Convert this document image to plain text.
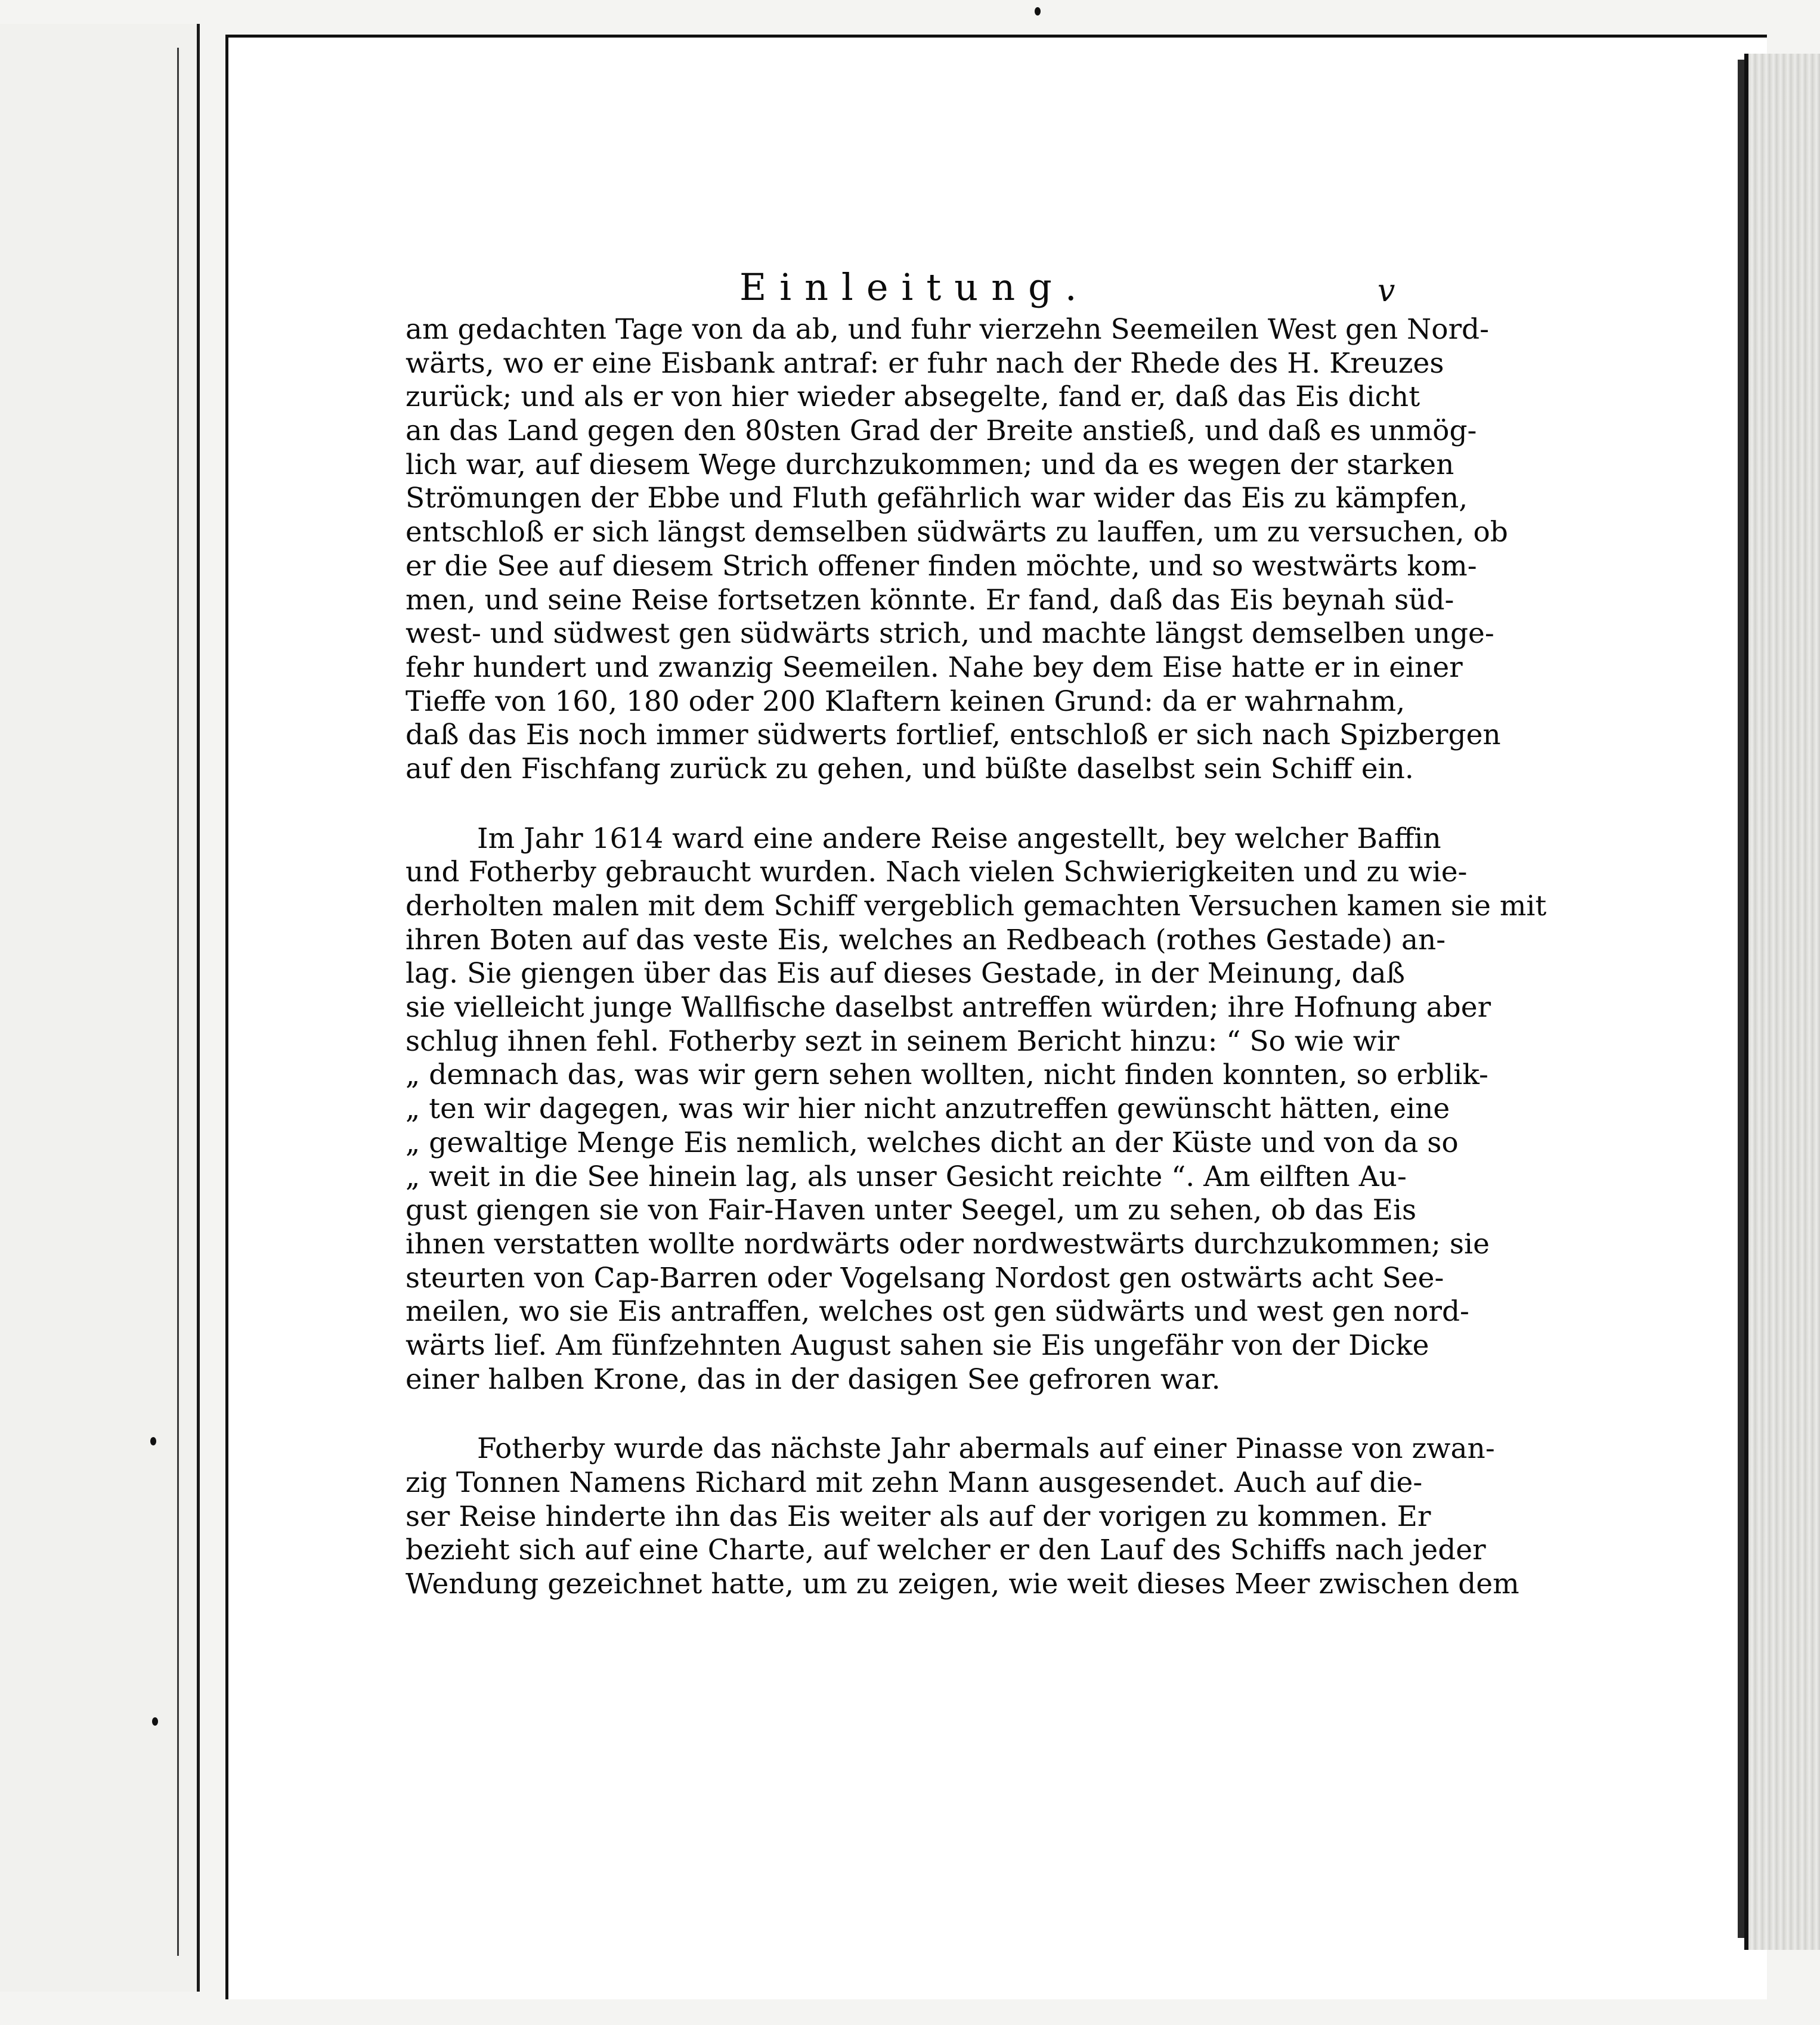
Einleitung.	v

am gedachten Tage von da ab, und fuhr vierzehn Seemeilen West gen Nord-
wärts, wo er eine Eisbank antraf: er fuhr nach der Rhede des H. Kreuzes
zurück; und als er von hier wieder absegelte, fand er, daß das Eis dicht
an das Land gegen den 80sten Grad der Breite anstieß, und daß es unmög-
lich war, auf diesem Wege durchzukommen; und da es wegen der starken
Strömungen der Ebbe und Fluth gefährlich war wider das Eis zu kämpfen,
entschloß er sich längst demselben südwärts zu lauffen, um zu versuchen, ob
er die See auf diesem Strich offener finden möchte, und so westwärts kom-
men, und seine Reise fortsetzen könnte. Er fand, daß das Eis beynah süd-
west- und südwest gen südwärts strich, und machte längst demselben unge-
fehr hundert und zwanzig Seemeilen. Nahe bey dem Eise hatte er in einer
Tieffe von 160, 180 oder 200 Klaftern keinen Grund: da er wahrnahm,
daß das Eis noch immer südwerts fortlief, entschloß er sich nach Spizbergen
auf den Fischfang zurück zu gehen, und büßte daselbst sein Schiff ein.

Im Jahr 1614 ward eine andere Reise angestellt, bey welcher Baffin
und Fotherby gebraucht wurden. Nach vielen Schwierigkeiten und zu wie-
derholten malen mit dem Schiff vergeblich gemachten Versuchen kamen sie mit
ihren Boten auf das veste Eis, welches an Redbeach (rothes Gestade) an-
lag. Sie giengen über das Eis auf dieses Gestade, in der Meinung, daß
sie vielleicht junge Wallfische daselbst antreffen würden; ihre Hofnung aber
schlug ihnen fehl. Fotherby sezt in seinem Bericht hinzu: “ So wie wir
„ demnach das, was wir gern sehen wollten, nicht finden konnten, so erblik-
„ ten wir dagegen, was wir hier nicht anzutreffen gewünscht hätten, eine
„ gewaltige Menge Eis nemlich, welches dicht an der Küste und von da so
„ weit in die See hinein lag, als unser Gesicht reichte “. Am eilften Au-
gust giengen sie von Fair-Haven unter Seegel, um zu sehen, ob das Eis
ihnen verstatten wollte nordwärts oder nordwestwärts durchzukommen; sie
steurten von Cap-Barren oder Vogelsang Nordost gen ostwärts acht See-
meilen, wo sie Eis antraffen, welches ost gen südwärts und west gen nord-
wärts lief. Am fünfzehnten August sahen sie Eis ungefähr von der Dicke
einer halben Krone, das in der dasigen See gefroren war.

Fotherby wurde das nächste Jahr abermals auf einer Pinasse von zwan-
zig Tonnen Namens Richard mit zehn Mann ausgesendet. Auch auf die-
ser Reise hinderte ihn das Eis weiter als auf der vorigen zu kommen. Er
bezieht sich auf eine Charte, auf welcher er den Lauf des Schiffs nach jeder
Wendung gezeichnet hatte, um zu zeigen, wie weit dieses Meer zwischen dem
